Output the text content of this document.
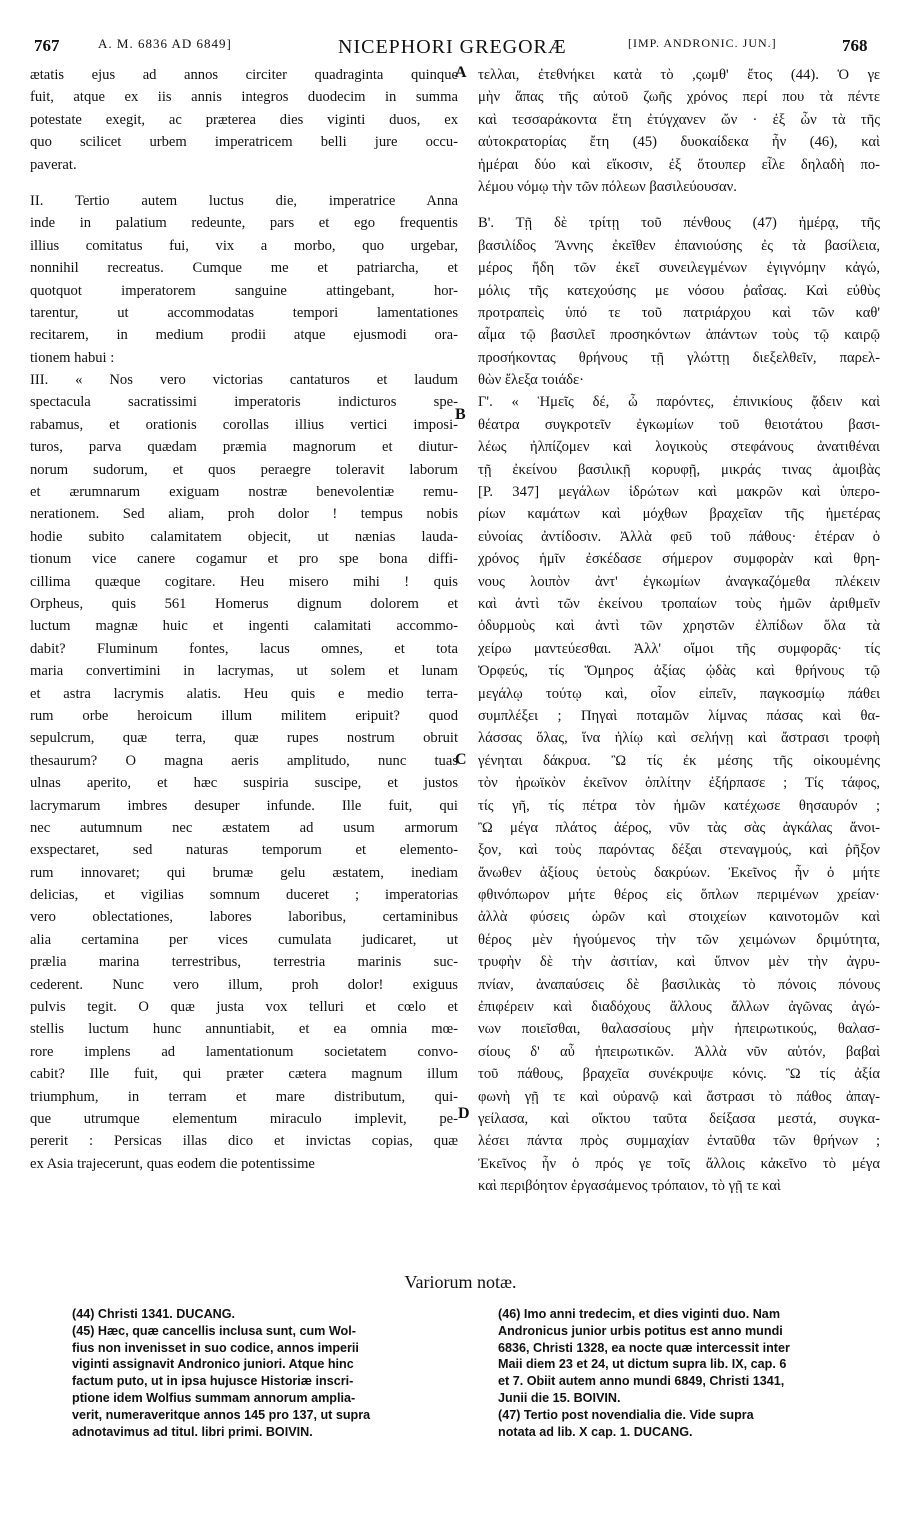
767	A. M. 6836 AD 6849]	NICEPHORI GREGORÆ	[IMP. ANDRONIC. JUN.]	768
ætatis ejus ad annos circiter quadraginta quinque
fuit, atque ex iis annis integros duodecim in summa
potestate exegit, ac præterea dies viginti duos, ex
quo scilicet urbem imperatricem belli jure occu-
paverat.
II. Tertio autem luctus die, imperatrice Anna
inde in palatium redeunte, pars et ego frequentis
illius comitatus fui, vix a morbo, quo urgebar,
nonnihil recreatus. Cumque me et patriarcha, et
quotquot imperatorem sanguine attingebant, hor-
tarentur, ut accommodatas tempori lamentationes
recitarem, in medium prodii atque ejusmodi ora-
tionem habui :
III. « Nos vero victorias cantaturos et laudum
spectacula sacratissimi imperatoris indicturos spe-
rabamus, et orationis corollas illius vertici imposi-
turos, parva quædam præmia magnorum et diutur-
norum sudorum, et quos peraegre toleravit laborum
et ærumnarum exiguam nostræ benevolentiæ remu-
nerationem. Sed aliam, proh dolor ! tempus nobis
hodie subito calamitatem objecit, ut nænias lauda-
tionum vice canere cogamur et pro spe bona diffi-
cillima quæque cogitare. Heu misero mihi ! quis
Orpheus, quis 561 Homerus dignum dolorem et
luctum magnæ huic et ingenti calamitati accommo-
dabit? Fluminum fontes, lacus omnes, et tota
maria convertimini in lacrymas, ut solem et lunam
et astra lacrymis alatis. Heu quis e medio terra-
rum orbe heroicum illum militem eripuit? quod
sepulcrum, quæ terra, quæ rupes nostrum obruit
thesaurum? O magna aeris amplitudo, nunc tuas
ulnas aperito, et hæc suspiria suscipe, et justos
lacrymarum imbres desuper infunde. Ille fuit, qui
nec autumnum nec æstatem ad usum armorum
exspectaret, sed naturas temporum et elemento-
rum innovaret; qui brumæ gelu æstatem, inediam
delicias, et vigilias somnum duceret ; imperatorias
vero oblectationes, labores laboribus, certaminibus
alia certamina per vices cumulata judicaret, ut
prælia marina terrestribus, terrestria marinis suc-
cederent. Nunc vero illum, proh dolor! exiguus
pulvis tegit. O quæ justa vox telluri et cœlo et
stellis luctum hunc annuntiabit, et ea omnia mœ-
rore implens ad lamentationum societatem convo-
cabit? Ille fuit, qui præter cætera magnum illum
triumphum, in terram et mare distributum, qui-
que utrumque elementum miraculo implevit, pe-
pererit : Persicas illas dico et invictas copias, quæ
ex Asia trajecerunt, quas eodem die potentissime
τελλαι, ἐτεθνήκει κατὰ τὸ ,ςωμθ' ἔτος (44). Ὁ γε
μὴν ἅπας τῆς αὐτοῦ ζωῆς χρόνος περί που τὰ πέντε
καὶ τεσσαράκοντα ἔτη ἐτύγχανεν ὤν · ἐξ ὧν τὰ τῆς
αὐτοκρατορίας ἔτη (45) δυοκαίδεκα ἦν (46), καὶ
ἡμέραι δύο καὶ εἴκοσιν, ἐξ ὅτουπερ εἷλε δηλαδὴ πο-
λέμου νόμῳ τὴν τῶν πόλεων βασιλεύουσαν.
Β'. Τῇ δὲ τρίτῃ τοῦ πένθους (47) ἡμέρᾳ, τῆς
βασιλίδος Ἄννης ἐκεῖθεν ἐπανιούσης ἐς τὰ βασίλεια,
μέρος ἤδη τῶν ἐκεῖ συνειλεγμένων ἐγιγνόμην κἀγώ,
μόλις τῆς κατεχούσης με νόσου ῥαΐσας. Καὶ εὐθὺς
προτραπεὶς ὑπό τε τοῦ πατριάρχου καὶ τῶν καθ'
αἷμα τῷ βασιλεῖ προσηκόντων ἁπάντων τοὺς τῷ καιρῷ
προσήκοντας θρήνους τῇ γλώττῃ διεξελθεῖν, παρελ-
θὼν ἔλεξα τοιάδε·
Γ'. « Ἡμεῖς δέ, ὦ παρόντες, ἐπινικίους ᾄδειν καὶ
θέατρα συγκροτεῖν ἐγκωμίων τοῦ θειοτάτου βασι-
λέως ἠλπίζομεν καὶ λογικοὺς στεφάνους ἀνατιθέναι
τῇ ἐκείνου βασιλικῇ κορυφῇ, μικράς τινας ἀμοιβὰς
[P. 347] μεγάλων ἱδρώτων καὶ μακρῶν καὶ ὑπερο-
ρίων καμάτων καὶ μόχθων βραχεῖαν τῆς ἡμετέρας
εὐνοίας ἀντίδοσιν. Ἀλλὰ φεῦ τοῦ πάθους· ἑτέραν ὁ
χρόνος ἡμῖν ἐσκέδασε σήμερον συμφορὰν καὶ θρη-
νους λοιπὸν ἀντ' ἐγκωμίων ἀναγκαζόμεθα πλέκειν
καὶ ἀντὶ τῶν ἐκείνου τροπαίων τοὺς ἡμῶν ἀριθμεῖν
ὀδυρμοὺς καὶ ἀντὶ τῶν χρηστῶν ἐλπίδων ὅλα τὰ
χείρω μαντεύεσθαι. Ἀλλ' οἴμοι τῆς συμφορᾶς· τίς
Ὀρφεύς, τίς Ὅμηρος ἀξίας ᾠδὰς καὶ θρήνους τῷ
μεγάλῳ τούτῳ καὶ, οἷον εἰπεῖν, παγκοσμίῳ πάθει
συμπλέξει ; Πηγαὶ ποταμῶν λίμνας πάσας καὶ θα-
λάσσας ὅλας, ἵνα ἡλίῳ καὶ σελήνῃ καὶ ἄστρασι τροφὴ
γένηται δάκρυα. Ὢ τίς ἐκ μέσης τῆς οἰκουμένης
τὸν ἡρωϊκὸν ἐκεῖνον ὁπλίτην ἐξήρπασε ; Τίς τάφος,
τίς γῆ, τίς πέτρα τὸν ἡμῶν κατέχωσε θησαυρόν ;
Ὢ μέγα πλάτος ἀέρος, νῦν τὰς σὰς ἀγκάλας ἄνοι-
ξον, καὶ τοὺς παρόντας δέξαι στεναγμούς, καὶ ῥῆξον
ἄνωθεν ἀξίους ὑετοὺς δακρύων. Ἐκεῖνος ἦν ὁ μήτε
φθινόπωρον μήτε θέρος εἰς ὅπλων περιμένων χρείαν·
ἀλλὰ φύσεις ὡρῶν καὶ στοιχείων καινοτομῶν καὶ
θέρος μὲν ἡγούμενος τὴν τῶν χειμώνων δριμύτητα,
τρυφὴν δὲ τὴν ἀσιτίαν, καὶ ὕπνον μὲν τὴν ἀγρυ-
πνίαν, ἀναπαύσεις δὲ βασιλικὰς τὸ πόνοις πόνους
ἐπιφέρειν καὶ διαδόχους ἄλλους ἄλλων ἀγῶνας ἀγώ-
νων ποιεῖσθαι, θαλασσίους μὴν ἠπειρωτικούς, θαλασ-
σίους δ' αὖ ἠπειρωτικῶν. Ἀλλὰ νῦν αὐτόν, βαβαὶ
τοῦ πάθους, βραχεῖα συνέκρυψε κόνις. Ὢ τίς ἀξία
φωνὴ γῇ τε καὶ οὐρανῷ καὶ ἄστρασι τὸ πάθος ἀπαγ-
γείλασα, καὶ οἴκτου ταῦτα δείξασα μεστά, συγκα-
λέσει πάντα πρὸς συμμαχίαν ἐνταῦθα τῶν θρήνων ;
Ἐκεῖνος ἦν ὁ πρός γε τοῖς ἄλλοις κἀκεῖνο τὸ μέγα
καὶ περιβόητον ἐργασάμενος τρόπαιον, τὸ γῇ τε καὶ
A
B
C
D
Variorum notæ.
(44) Christi 1341. DUCANG.
(45) Hæc, quæ cancellis inclusa sunt, cum Wol-
fius non invenisset in suo codice, annos imperii
viginti assignavit Andronico juniori. Atque hinc
factum puto, ut in ipsa hujusce Historiæ inscri-
ptione idem Wolfius summam annorum amplia-
verit, numeraveritque annos 145 pro 137, ut supra
adnotavimus ad titul. libri primi. BOIVIN.
(46) Imo anni tredecim, et dies viginti duo. Nam
Andronicus junior urbis potitus est anno mundi
6836, Christi 1328, ea nocte quæ intercessit inter
Maii diem 23 et 24, ut dictum supra lib. IX, cap. 6
et 7. Obiit autem anno mundi 6849, Christi 1341,
Junii die 15. BOIVIN.
(47) Tertio post novendialia die. Vide supra
notata ad lib. X cap. 1. DUCANG.
